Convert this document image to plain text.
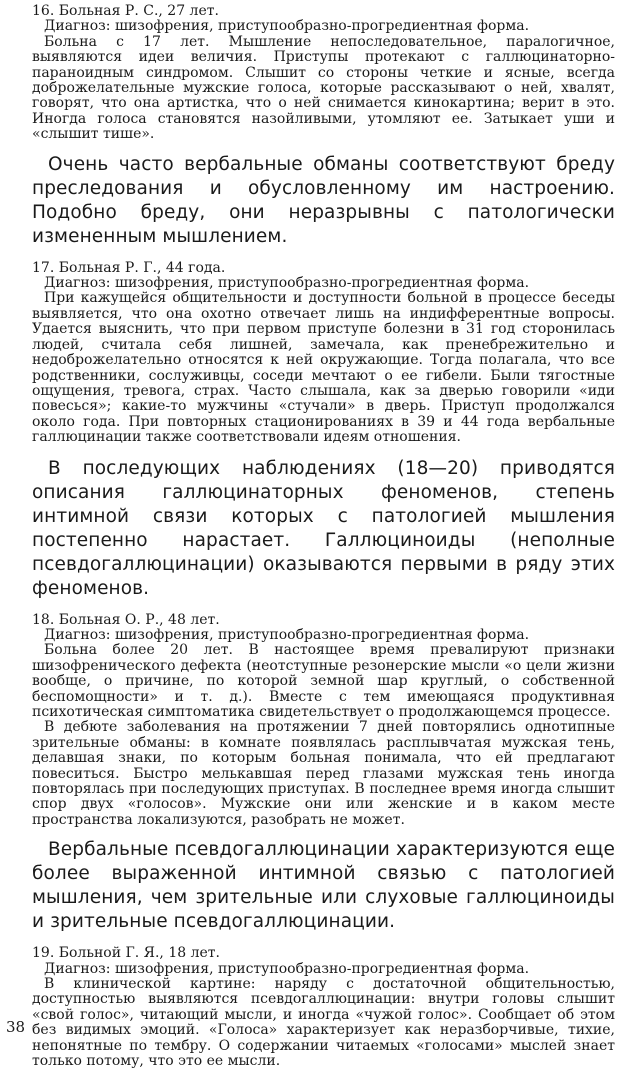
16. Больная Р. С., 27 лет.

Диагноз: шизофрения, приступообразно-прогредиентная форма.

Больна с 17 лет. Мышление непоследовательное, паралогичное, выявляются идеи величия. Приступы протекают с галлюцинаторно-параноидным синдромом. Слышит со стороны четкие и ясные, всегда доброжелательные мужские голоса, которые рассказывают о ней, хвалят, говорят, что она артистка, что о ней снимается кинокартина; верит в это. Иногда голоса становятся назойливыми, утомляют ее. Затыкает уши и «слышит тише».

Очень часто вербальные обманы соответствуют бреду преследования и обусловленному им настроению. Подобно бреду, они неразрывны с патологически измененным мышлением.

17. Больная Р. Г., 44 года.

Диагноз: шизофрения, приступообразно-прогредиентная форма.

При кажущейся общительности и доступности больной в процессе беседы выявляется, что она охотно отвечает лишь на индифферентные вопросы. Удается выяснить, что при первом приступе болезни в 31 год сторонилась людей, считала себя лишней, замечала, как пренебрежительно и недоброжелательно относятся к ней окружающие. Тогда полагала, что все родственники, сослуживцы, соседи мечтают о ее гибели. Были тягостные ощущения, тревога, страх. Часто слышала, как за дверью говорили «иди повесься»; какие-то мужчины «стучали» в дверь. Приступ продолжался около года. При повторных стационированиях в 39 и 44 года вербальные галлюцинации также соответствовали идеям отношения.

В последующих наблюдениях (18—20) приводятся описания галлюцинаторных феноменов, степень интимной связи которых с патологией мышления постепенно нарастает. Галлюциноиды (неполные псевдогаллюцинации) оказываются первыми в ряду этих феноменов.

18. Больная О. Р., 48 лет.

Диагноз: шизофрения, приступообразно-прогредиентная форма.

Больна более 20 лет. В настоящее время превалируют признаки шизофренического дефекта (неотступные резонерские мысли «о цели жизни вообще, о причине, по которой земной шар круглый, о собственной беспомощности» и т. д.). Вместе с тем имеющаяся продуктивная психотическая симптоматика свидетельствует о продолжающемся процессе.

В дебюте заболевания на протяжении 7 дней повторялись однотипные зрительные обманы: в комнате появлялась расплывчатая мужская тень, делавшая знаки, по которым больная понимала, что ей предлагают повеситься. Быстро мелькавшая перед глазами мужская тень иногда повторялась при последующих приступах. В последнее время иногда слышит спор двух «голосов». Мужские они или женские и в каком месте пространства локализуются, разобрать не может.

Вербальные псевдогаллюцинации характеризуются еще более выраженной интимной связью с патологией мышления, чем зрительные или слуховые галлюциноиды и зрительные псевдогаллюцинации.

19. Больной Г. Я., 18 лет.

Диагноз: шизофрения, приступообразно-прогредиентная форма.

В клинической картине: наряду с достаточной общительностью, доступностью выявляются псевдогаллюцинации: внутри головы слышит «свой голос», читающий мысли, и иногда «чужой голос». Сообщает об этом без видимых эмоций. «Голоса» характеризует как неразборчивые, тихие, непонятные по тембру. О содержании читаемых «голосами» мыслей знает только потому, что это ее мысли.

38
